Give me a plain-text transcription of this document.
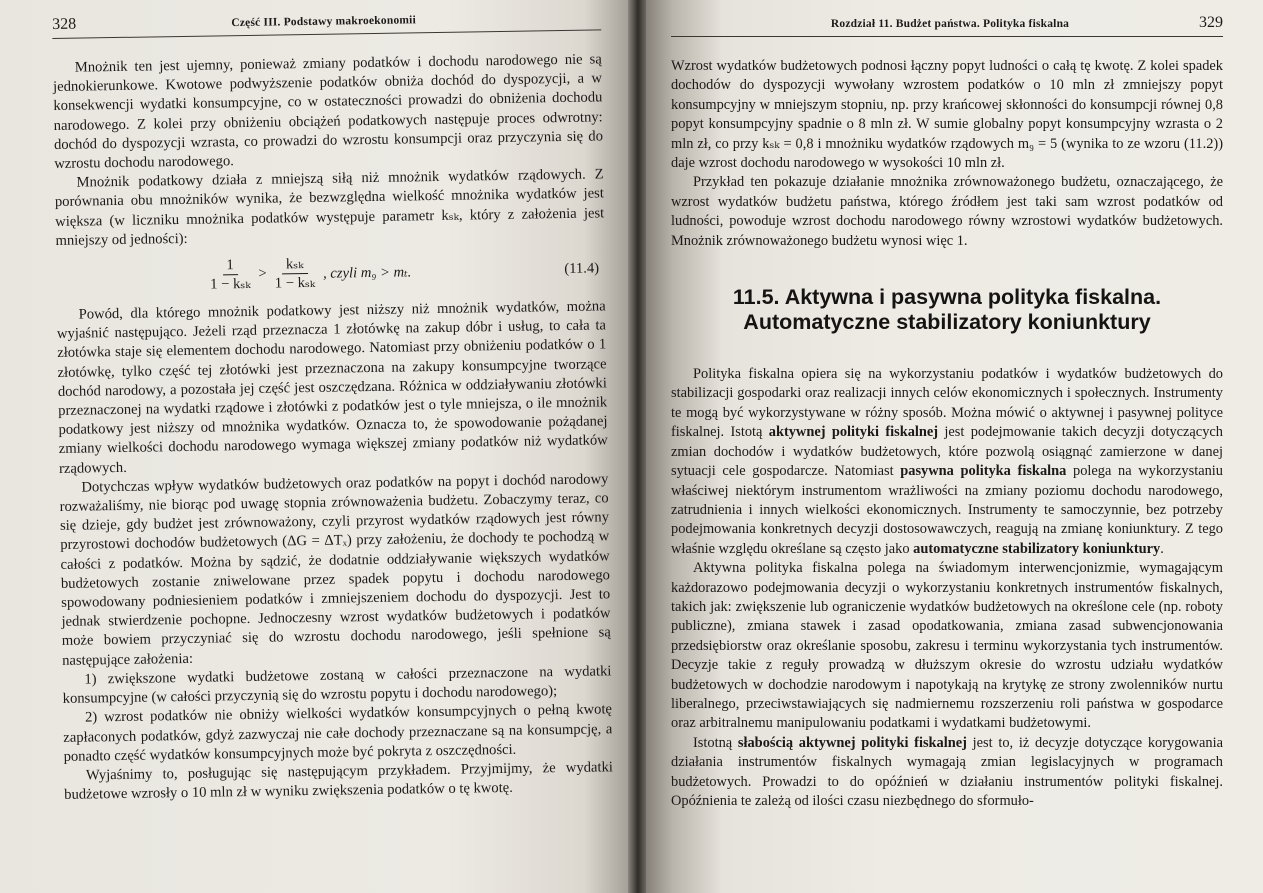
328	Część III. Podstawy makroekonomii

Mnożnik ten jest ujemny, ponieważ zmiany podatków i dochodu narodowego nie są jednokierunkowe. Kwotowe podwyższenie podatków obniża dochód do dyspozycji, a w konsekwencji wydatki konsumpcyjne, co w ostateczności prowadzi do obniżenia dochodu narodowego. Z kolei przy obniżeniu obciążeń podatkowych następuje proces odwrotny: dochód do dyspozycji wzrasta, co prowadzi do wzrostu konsumpcji oraz przyczynia się do wzrostu dochodu narodowego.

Mnożnik podatkowy działa z mniejszą siłą niż mnożnik wydatków rządowych. Z porównania obu mnożników wynika, że bezwzględna wielkość mnożnika wydatków jest większa (w liczniku mnożnika podatków występuje parametr kₛₖ, który z założenia jest mniejszy od jedności):

$\frac{1}{\text{1 − kₛₖ}} > \frac{\text{kₛₖ}}{\text{1 − kₛₖ}}$ , czyli m₉ > mₜ.	(11.4)

Powód, dla którego mnożnik podatkowy jest niższy niż mnożnik wydatków, można wyjaśnić następująco. Jeżeli rząd przeznacza 1 złotówkę na zakup dóbr i usług, to cała ta złotówka staje się elementem dochodu narodowego. Natomiast przy obniżeniu podatków o 1 złotówkę, tylko część tej złotówki jest przeznaczona na zakupy konsumpcyjne tworzące dochód narodowy, a pozostała jej część jest oszczędzana. Różnica w oddziaływaniu złotówki przeznaczonej na wydatki rządowe i złotówki z podatków jest o tyle mniejsza, o ile mnożnik podatkowy jest niższy od mnożnika wydatków. Oznacza to, że spowodowanie pożądanej zmiany wielkości dochodu narodowego wymaga większej zmiany podatków niż wydatków rządowych.

Dotychczas wpływ wydatków budżetowych oraz podatków na popyt i dochód narodowy rozważaliśmy, nie biorąc pod uwagę stopnia zrównoważenia budżetu. Zobaczymy teraz, co się dzieje, gdy budżet jest zrównoważony, czyli przyrost wydatków rządowych jest równy przyrostowi dochodów budżetowych (ΔG = ΔTₓ) przy założeniu, że dochody te pochodzą w całości z podatków. Można by sądzić, że dodatnie oddziaływanie większych wydatków budżetowych zostanie zniwelowane przez spadek popytu i dochodu narodowego spowodowany podniesieniem podatków i zmniejszeniem dochodu do dyspozycji. Jest to jednak stwierdzenie pochopne. Jednoczesny wzrost wydatków budżetowych i podatków może bowiem przyczyniać się do wzrostu dochodu narodowego, jeśli spełnione są następujące założenia:

1) zwiększone wydatki budżetowe zostaną w całości przeznaczone na wydatki konsumpcyjne (w całości przyczynią się do wzrostu popytu i dochodu narodowego);

2) wzrost podatków nie obniży wielkości wydatków konsumpcyjnych o pełną kwotę zapłaconych podatków, gdyż zazwyczaj nie całe dochody przeznaczane są na konsumpcję, a ponadto część wydatków konsumpcyjnych może być pokryta z oszczędności.

Wyjaśnimy to, posługując się następującym przykładem. Przyjmijmy, że wydatki budżetowe wzrosły o 10 mln zł w wyniku zwiększenia podatków o tę kwotę.

Rozdział 11. Budżet państwa. Polityka fiskalna	329

Wzrost wydatków budżetowych podnosi łączny popyt ludności o całą tę kwotę. Z kolei spadek dochodów do dyspozycji wywołany wzrostem podatków o 10 mln zł zmniejszy popyt konsumpcyjny w mniejszym stopniu, np. przy krańcowej skłonności do konsumpcji równej 0,8 popyt konsumpcyjny spadnie o 8 mln zł. W sumie globalny popyt konsumpcyjny wzrasta o 2 mln zł, co przy kₛₖ = 0,8 i mnożniku wydatków rządowych m₉ = 5 (wynika to ze wzoru (11.2)) daje wzrost dochodu narodowego w wysokości 10 mln zł.

Przykład ten pokazuje działanie mnożnika zrównoważonego budżetu, oznaczającego, że wzrost wydatków budżetu państwa, którego źródłem jest taki sam wzrost podatków od ludności, powoduje wzrost dochodu narodowego równy wzrostowi wydatków budżetowych. Mnożnik zrównoważonego budżetu wynosi więc 1.

11.5. Aktywna i pasywna polityka fiskalna.
Automatyczne stabilizatory koniunktury

Polityka fiskalna opiera się na wykorzystaniu podatków i wydatków budżetowych do stabilizacji gospodarki oraz realizacji innych celów ekonomicznych i społecznych. Instrumenty te mogą być wykorzystywane w różny sposób. Można mówić o aktywnej i pasywnej polityce fiskalnej. Istotą aktywnej polityki fiskalnej jest podejmowanie takich decyzji dotyczących zmian dochodów i wydatków budżetowych, które pozwolą osiągnąć zamierzone w danej sytuacji cele gospodarcze. Natomiast pasywna polityka fiskalna polega na wykorzystaniu właściwej niektórym instrumentom wrażliwości na zmiany poziomu dochodu narodowego, zatrudnienia i innych wielkości ekonomicznych. Instrumenty te samoczynnie, bez potrzeby podejmowania konkretnych decyzji dostosowawczych, reagują na zmianę koniunktury. Z tego właśnie względu określane są często jako automatyczne stabilizatory koniunktury.

Aktywna polityka fiskalna polega na świadomym interwencjonizmie, wymagającym każdorazowo podejmowania decyzji o wykorzystaniu konkretnych instrumentów fiskalnych, takich jak: zwiększenie lub ograniczenie wydatków budżetowych na określone cele (np. roboty publiczne), zmiana stawek i zasad opodatkowania, zmiana zasad subwencjonowania przedsiębiorstw oraz określanie sposobu, zakresu i terminu wykorzystania tych instrumentów. Decyzje takie z reguły prowadzą w dłuższym okresie do wzrostu udziału wydatków budżetowych w dochodzie narodowym i napotykają na krytykę ze strony zwolenników nurtu liberalnego, przeciwstawiających się nadmiernemu rozszerzeniu roli państwa w gospodarce oraz arbitralnemu manipulowaniu podatkami i wydatkami budżetowymi.

Istotną słabością aktywnej polityki fiskalnej jest to, iż decyzje dotyczące korygowania działania instrumentów fiskalnych wymagają zmian legislacyjnych w programach budżetowych. Prowadzi to do opóźnień w działaniu instrumentów polityki fiskalnej. Opóźnienia te zależą od ilości czasu niezbędnego do sformuło-
